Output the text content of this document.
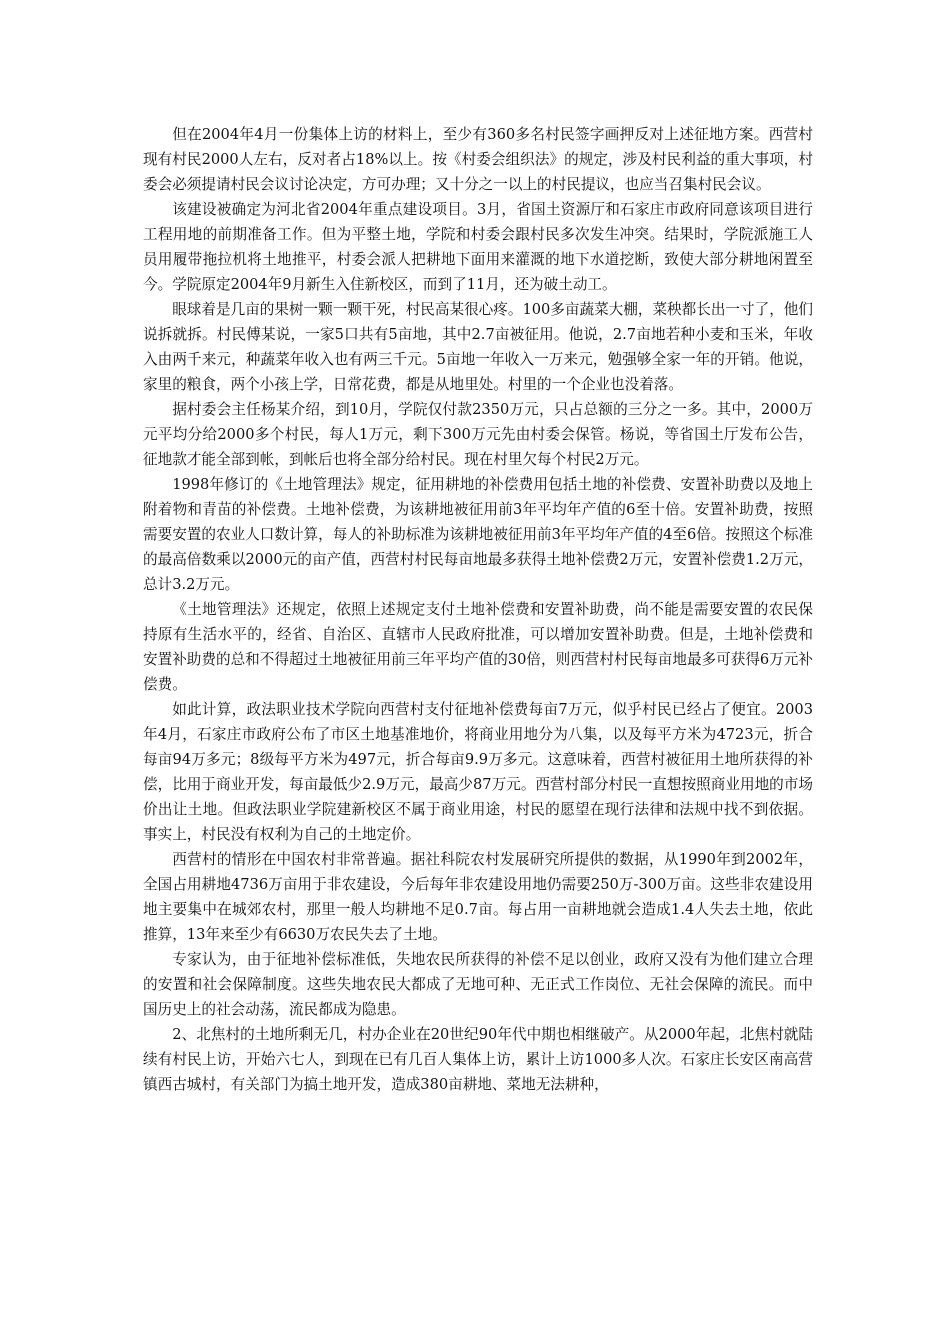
但在2004年4月一份集体上访的材料上，至少有360多名村民签字画押反对上述征地方案。西营村现有村民2000人左右，反对者占18%以上。按《村委会组织法》的规定，涉及村民利益的重大事项，村委会必须提请村民会议讨论决定，方可办理；又十分之一以上的村民提议，也应当召集村民会议。

该建设被确定为河北省2004年重点建设项目。3月，省国土资源厅和石家庄市政府同意该项目进行工程用地的前期准备工作。但为平整土地，学院和村委会跟村民多次发生冲突。结果时，学院派施工人员用履带拖拉机将土地推平，村委会派人把耕地下面用来灌溉的地下水道挖断，致使大部分耕地闲置至今。学院原定2004年9月新生入住新校区，而到了11月，还为破土动工。

眼球着是几亩的果树一颗一颗干死，村民高某很心疼。100多亩蔬菜大棚，菜秧都长出一寸了，他们说拆就拆。村民傅某说，一家5口共有5亩地，其中2.7亩被征用。他说，2.7亩地若种小麦和玉米，年收入由两千来元，种蔬菜年收入也有两三千元。5亩地一年收入一万来元，勉强够全家一年的开销。他说，家里的粮食，两个小孩上学，日常花费，都是从地里处。村里的一个企业也没着落。

据村委会主任杨某介绍，到10月，学院仅付款2350万元，只占总额的三分之一多。其中，2000万元平均分给2000多个村民，每人1万元，剩下300万元先由村委会保管。杨说，等省国土厅发布公告，征地款才能全部到帐，到帐后也将全部分给村民。现在村里欠每个村民2万元。

1998年修订的《土地管理法》规定，征用耕地的补偿费用包括土地的补偿费、安置补助费以及地上附着物和青苗的补偿费。土地补偿费，为该耕地被征用前3年平均年产值的6至十倍。安置补助费，按照需要安置的农业人口数计算，每人的补助标准为该耕地被征用前3年平均年产值的4至6倍。按照这个标准的最高倍数乘以2000元的亩产值，西营村村民每亩地最多获得土地补偿费2万元，安置补偿费1.2万元，总计3.2万元。

《土地管理法》还规定，依照上述规定支付土地补偿费和安置补助费，尚不能是需要安置的农民保持原有生活水平的，经省、自治区、直辖市人民政府批准，可以增加安置补助费。但是，土地补偿费和安置补助费的总和不得超过土地被征用前三年平均产值的30倍，则西营村村民每亩地最多可获得6万元补偿费。

如此计算，政法职业技术学院向西营村支付征地补偿费每亩7万元，似乎村民已经占了便宜。2003年4月，石家庄市政府公布了市区土地基准地价，将商业用地分为八集，以及每平方米为4723元，折合每亩94万多元；8级每平方米为497元，折合每亩9.9万多元。这意味着，西营村被征用土地所获得的补偿，比用于商业开发，每亩最低少2.9万元，最高少87万元。西营村部分村民一直想按照商业用地的市场价出让土地。但政法职业学院建新校区不属于商业用途，村民的愿望在现行法律和法规中找不到依据。事实上，村民没有权利为自己的土地定价。

西营村的情形在中国农村非常普遍。据社科院农村发展研究所提供的数据，从1990年到2002年，全国占用耕地4736万亩用于非农建设，今后每年非农建设用地仍需要250万-300万亩。这些非农建设用地主要集中在城郊农村，那里一般人均耕地不足0.7亩。每占用一亩耕地就会造成1.4人失去土地，依此推算，13年来至少有6630万农民失去了土地。

专家认为，由于征地补偿标准低，失地农民所获得的补偿不足以创业，政府又没有为他们建立合理的安置和社会保障制度。这些失地农民大都成了无地可种、无正式工作岗位、无社会保障的流民。而中国历史上的社会动荡，流民都成为隐患。

2、北焦村的土地所剩无几，村办企业在20世纪90年代中期也相继破产。从2000年起，北焦村就陆续有村民上访，开始六七人，到现在已有几百人集体上访，累计上访1000多人次。石家庄长安区南高营镇西古城村，有关部门为搞土地开发，造成380亩耕地、菜地无法耕种，
